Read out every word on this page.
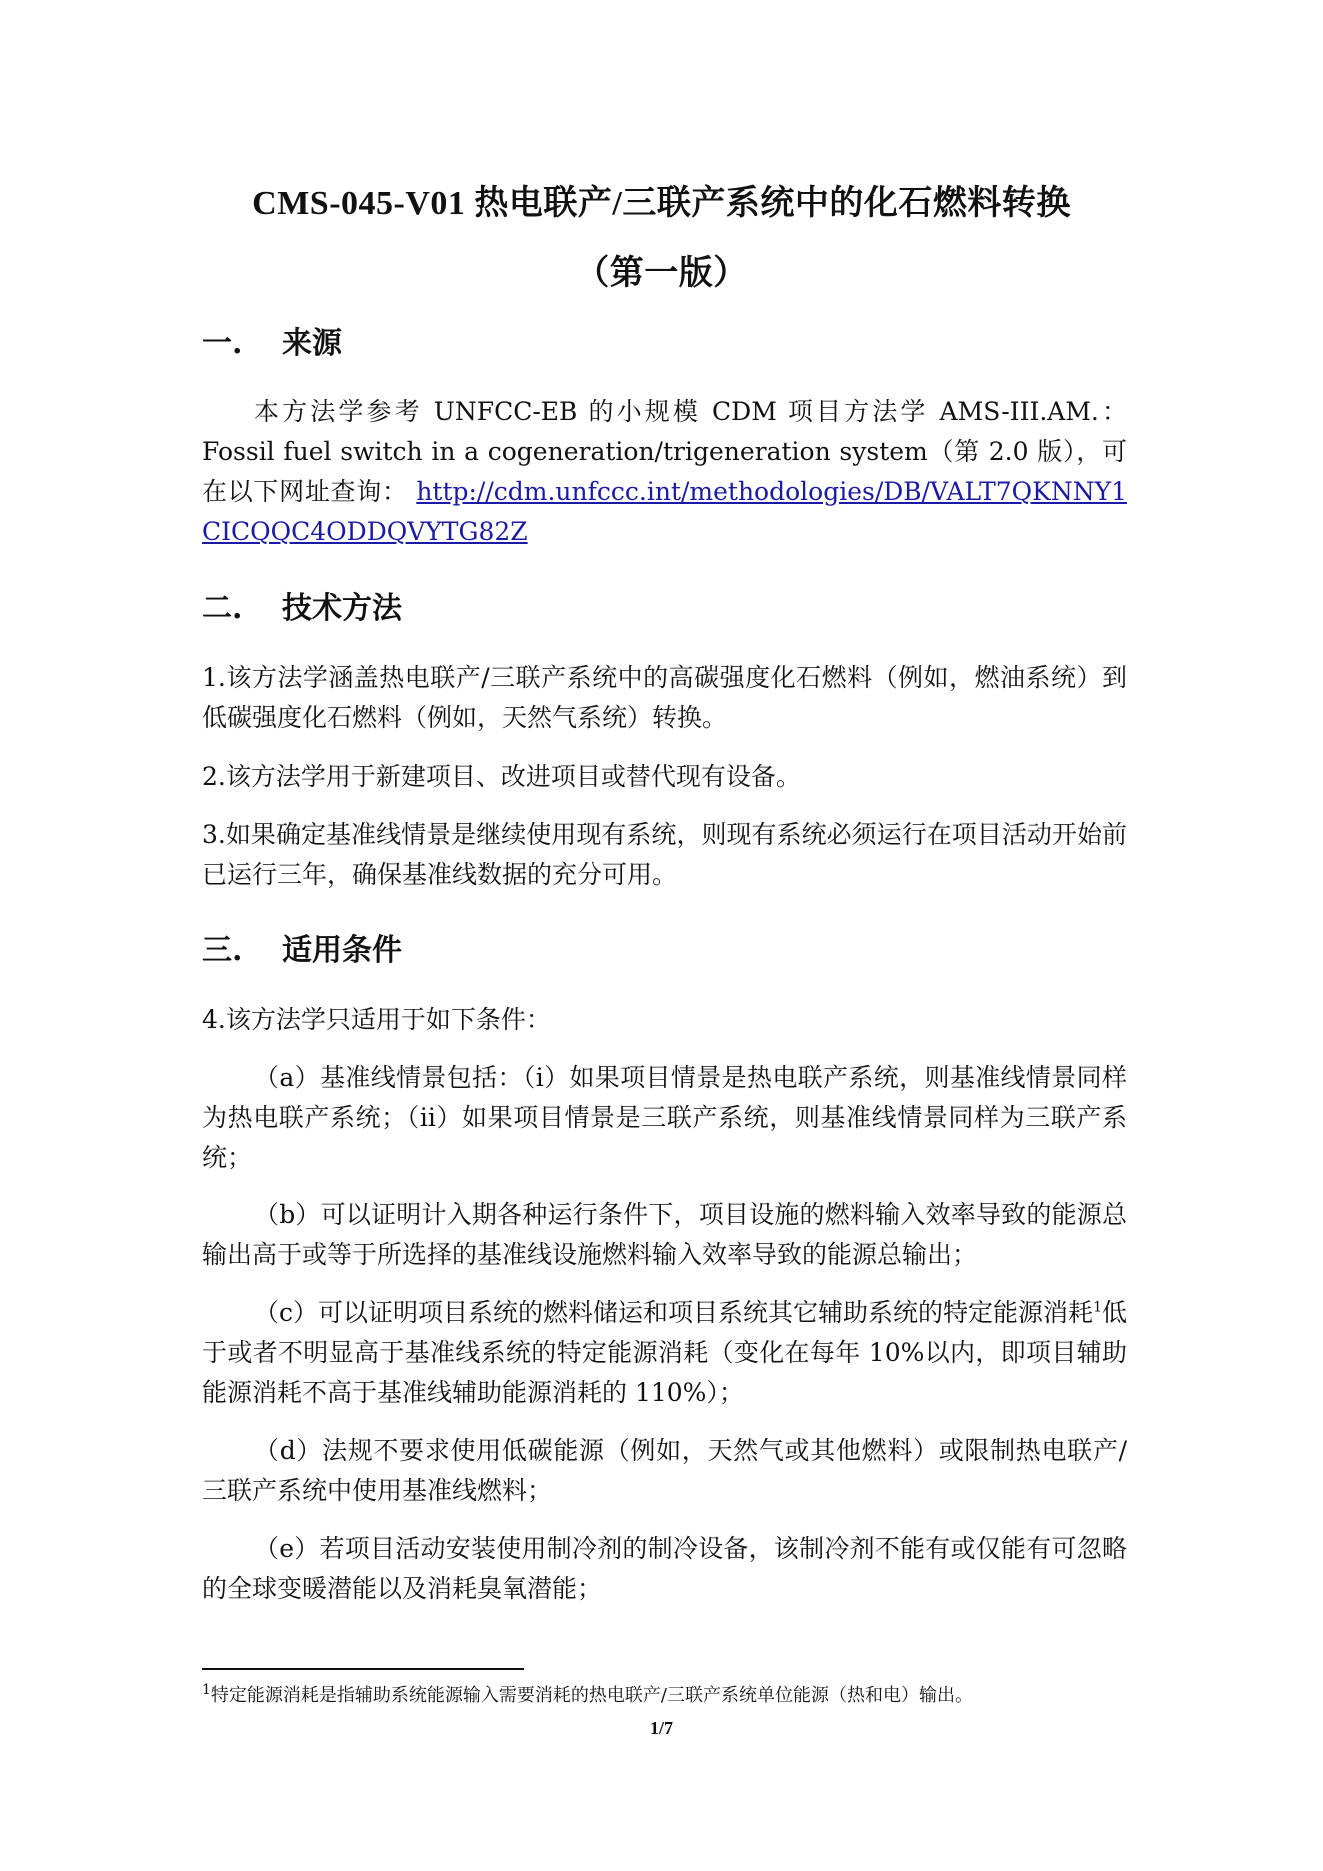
CMS-045-V01 热电联产/三联产系统中的化石燃料转换
（第一版）
一. 来源
本方法学参考 UNFCC-EB 的小规模 CDM 项目方法学 AMS-III.AM.：Fossil fuel switch in a cogeneration/trigeneration system（第 2.0 版），可在以下网址查询： http://cdm.unfccc.int/methodologies/DB/VALT7QKNNY1CICQQC4ODDQVYTG82Z
二. 技术方法
1.该方法学涵盖热电联产/三联产系统中的高碳强度化石燃料（例如，燃油系统）到低碳强度化石燃料（例如，天然气系统）转换。
2.该方法学用于新建项目、改进项目或替代现有设备。
3.如果确定基准线情景是继续使用现有系统，则现有系统必须运行在项目活动开始前已运行三年，确保基准线数据的充分可用。
三. 适用条件
4.该方法学只适用于如下条件：
（a）基准线情景包括：（i）如果项目情景是热电联产系统，则基准线情景同样为热电联产系统；（ii）如果项目情景是三联产系统，则基准线情景同样为三联产系统；
（b）可以证明计入期各种运行条件下，项目设施的燃料输入效率导致的能源总输出高于或等于所选择的基准线设施燃料输入效率导致的能源总输出；
（c）可以证明项目系统的燃料储运和项目系统其它辅助系统的特定能源消耗$^1$低于或者不明显高于基准线系统的特定能源消耗（变化在每年 10%以内，即项目辅助能源消耗不高于基准线辅助能源消耗的 110%）；
（d）法规不要求使用低碳能源（例如，天然气或其他燃料）或限制热电联产/三联产系统中使用基准线燃料；
（e）若项目活动安装使用制冷剂的制冷设备，该制冷剂不能有或仅能有可忽略的全球变暖潜能以及消耗臭氧潜能；
$^1$特定能源消耗是指辅助系统能源输入需要消耗的热电联产/三联产系统单位能源（热和电）输出。
1/7
